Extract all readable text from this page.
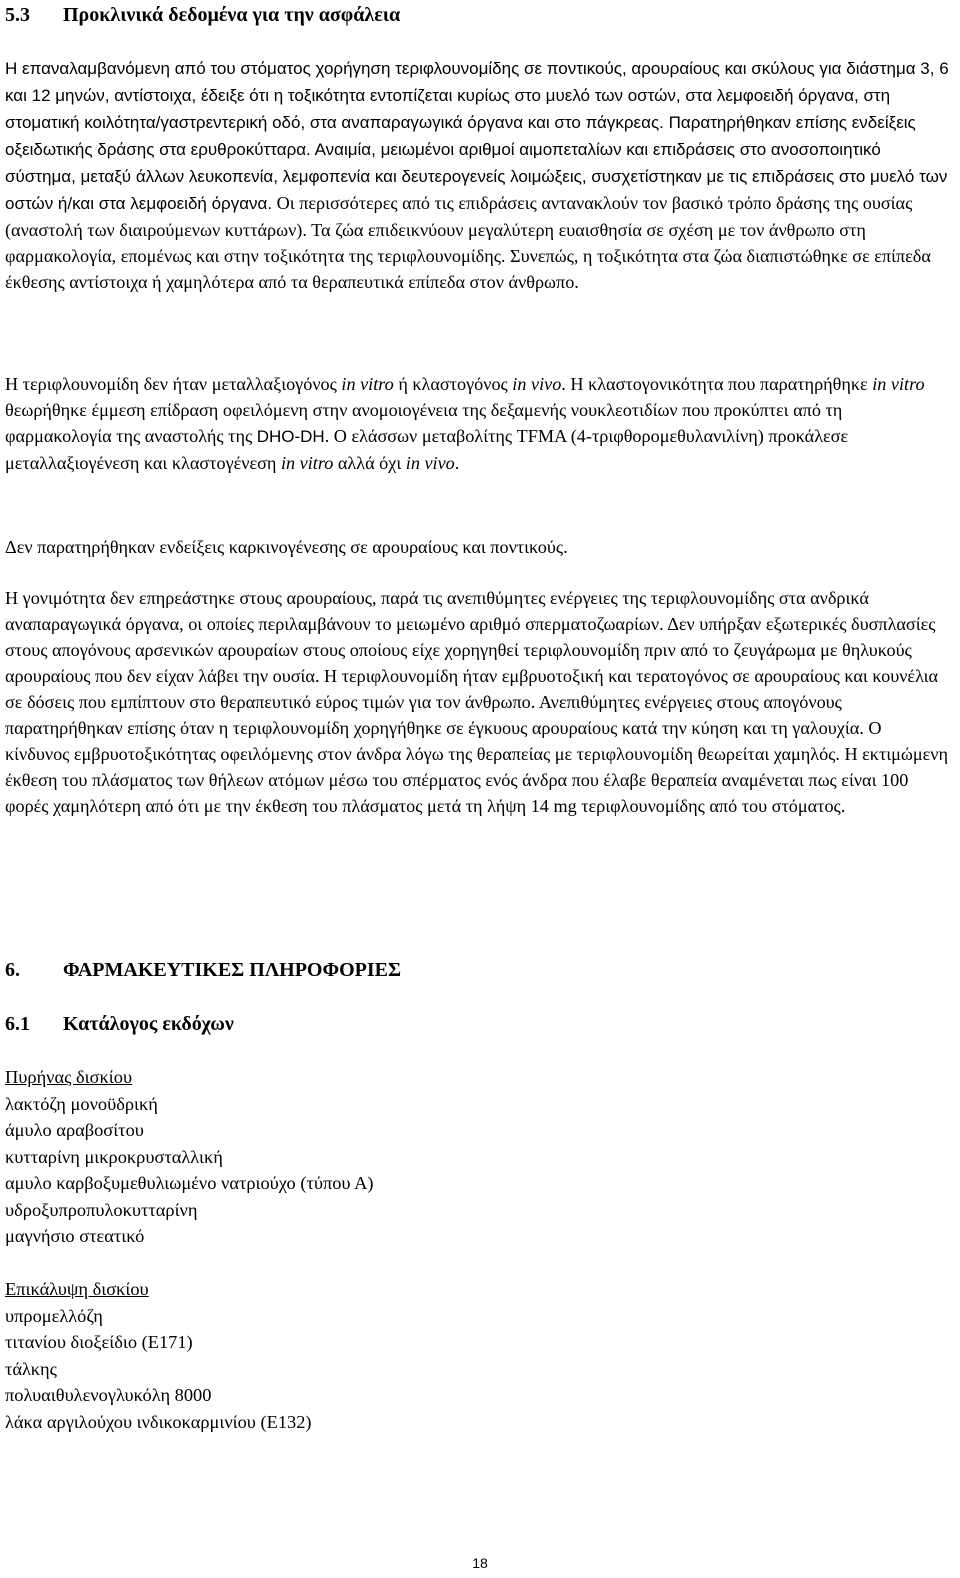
5.3 Προκλινικά δεδομένα για την ασφάλεια

Η επαναλαμβανόμενη από του στόματος χορήγηση τεριφλουνομίδης σε ποντικούς, αρουραίους και σκύλους για διάστημα 3, 6 και 12 μηνών, αντίστοιχα, έδειξε ότι η τοξικότητα εντοπίζεται κυρίως στο μυελό των οστών, στα λεμφοειδή όργανα, στη στοματική κοιλότητα/γαστρεντερική οδό, στα αναπαραγωγικά όργανα και στο πάγκρεας. Παρατηρήθηκαν επίσης ενδείξεις οξειδωτικής δράσης στα ερυθροκύτταρα. Αναιμία, μειωμένοι αριθμοί αιμοπεταλίων και επιδράσεις στο ανοσοποιητικό σύστημα, μεταξύ άλλων λευκοπενία, λεμφοπενία και δευτερογενείς λοιμώξεις, συσχετίστηκαν με τις επιδράσεις στο μυελό των οστών ή/και στα λεμφοειδή όργανα. Οι περισσότερες από τις επιδράσεις αντανακλούν τον βασικό τρόπο δράσης της ουσίας (αναστολή των διαιρούμενων κυττάρων). Τα ζώα επιδεικνύουν μεγαλύτερη ευαισθησία σε σχέση με τον άνθρωπο στη φαρμακολογία, επομένως και στην τοξικότητα της τεριφλουνομίδης. Συνεπώς, η τοξικότητα στα ζώα διαπιστώθηκε σε επίπεδα έκθεσης αντίστοιχα ή χαμηλότερα από τα θεραπευτικά επίπεδα στον άνθρωπο.

Η τεριφλουνομίδη δεν ήταν μεταλλαξιογόνος in vitro ή κλαστογόνος in vivo. Η κλαστογονικότητα που παρατηρήθηκε in vitro θεωρήθηκε έμμεση επίδραση οφειλόμενη στην ανομοιογένεια της δεξαμενής νουκλεοτιδίων που προκύπτει από τη φαρμακολογία της αναστολής της DHO-DH. Ο ελάσσων μεταβολίτης TFMA (4-τριφθορομεθυλανιλίνη) προκάλεσε μεταλλαξιογένεση και κλαστογένεση in vitro αλλά όχι in vivo.

Δεν παρατηρήθηκαν ενδείξεις καρκινογένεσης σε αρουραίους και ποντικούς.

Η γονιμότητα δεν επηρεάστηκε στους αρουραίους, παρά τις ανεπιθύμητες ενέργειες της τεριφλουνομίδης στα ανδρικά αναπαραγωγικά όργανα, οι οποίες περιλαμβάνουν το μειωμένο αριθμό σπερματοζωαρίων. Δεν υπήρξαν εξωτερικές δυσπλασίες στους απογόνους αρσενικών αρουραίων στους οποίους είχε χορηγηθεί τεριφλουνομίδη πριν από το ζευγάρωμα με θηλυκούς αρουραίους που δεν είχαν λάβει την ουσία. Η τεριφλουνομίδη ήταν εμβρυοτοξική και τερατογόνος σε αρουραίους και κουνέλια σε δόσεις που εμπίπτουν στο θεραπευτικό εύρος τιμών για τον άνθρωπο. Ανεπιθύμητες ενέργειες στους απογόνους παρατηρήθηκαν επίσης όταν η τεριφλουνομίδη χορηγήθηκε σε έγκυους αρουραίους κατά την κύηση και τη γαλουχία. Ο κίνδυνος εμβρυοτοξικότητας οφειλόμενης στον άνδρα λόγω της θεραπείας με τεριφλουνομίδη θεωρείται χαμηλός. Η εκτιμώμενη έκθεση του πλάσματος των θήλεων ατόμων μέσω του σπέρματος ενός άνδρα που έλαβε θεραπεία αναμένεται πως είναι 100 φορές χαμηλότερη από ότι με την έκθεση του πλάσματος μετά τη λήψη 14 mg τεριφλουνομίδης από του στόματος.

6. ΦΑΡΜΑΚΕΥΤΙΚΕΣ ΠΛΗΡΟΦΟΡΙΕΣ

6.1 Κατάλογος εκδόχων

Πυρήνας δισκίου

λακτόζη μονοϋδρική

άμυλο αραβοσίτου

κυτταρίνη μικροκρυσταλλική

αμυλο καρβοξυμεθυλιωμένο νατριούχο (τύπου Α)

υδροξυπροπυλοκυτταρίνη

μαγνήσιο στεατικό

Επικάλυψη δισκίου

υπρομελλόζη

τιτανίου διοξείδιο (Ε171)

τάλκης

πολυαιθυλενογλυκόλη 8000

λάκα αργιλούχου ινδικοκαρμινίου (Ε132)

18
